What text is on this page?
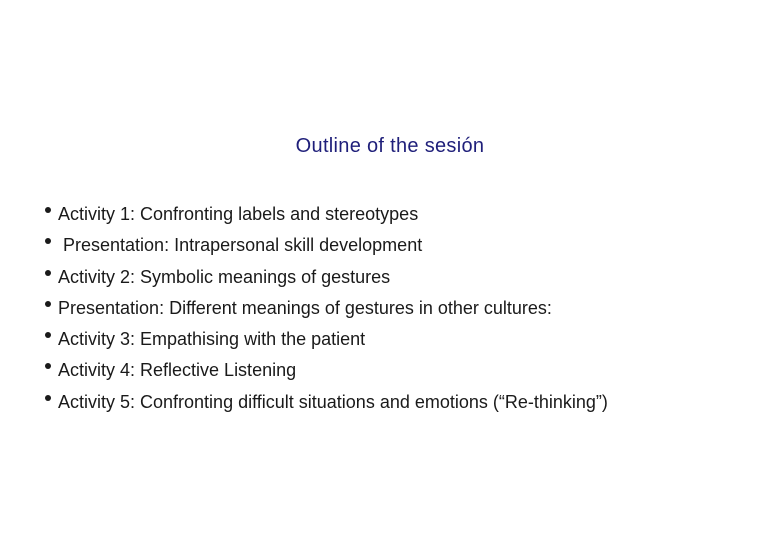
Outline of the sesión
Activity 1: Confronting labels and stereotypes
Presentation: Intrapersonal skill development
Activity 2: Symbolic meanings of gestures
Presentation: Different meanings of gestures in other cultures:
Activity 3: Empathising with the patient
Activity 4: Reflective Listening
Activity 5: Confronting difficult situations and emotions (“Re-thinking”)
